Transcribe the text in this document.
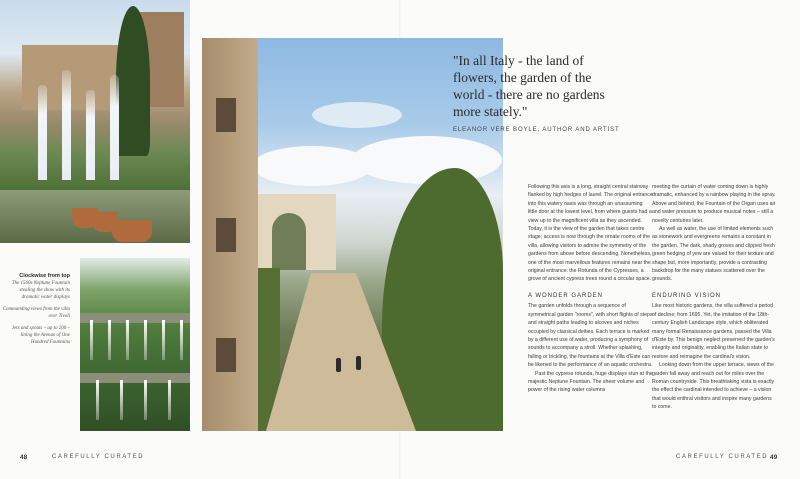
Clockwise from top
The 1560s Neptune Fountain stealing the show with its dramatic water displays
Commanding views from the villa over Tivoli
Jets and spouts – up to 200 – lining the Avenue of One Hundred Fountains
"In all Italy - the land of flowers, the garden of the world - there are no gardens more stately."
ELEANOR VERE BOYLE, AUTHOR AND ARTIST

Following this axis is a long, straight central stairway flanked by high hedges of laurel. The original entrance into this watery oasis was through an unassuming little door at the lowest level, from where guests had a view up to the magnificent villa as they ascended. Today, it is the view of the garden that takes centre stage; access is now through the ornate rooms of the villa, allowing visitors to admire the symmetry of the gardens from above before descending. Nonetheless, one of the most marvellous features remains near the original entrance: the Rotunda of the Cypresses, a grove of ancient cypress trees round a circular space.

A WONDER GARDEN

The garden unfolds through a sequence of symmetrical garden "rooms", with short flights of steps and straight paths leading to alcoves and niches occupied by classical deities. Each terrace is marked by a different use of water, producing a symphony of sounds to accompany a stroll. Whether splashing, falling or trickling, the fountains at the Villa d'Este can be likened to the performance of an aquatic orchestra.

Past the cypress rotunda, huge displays stun at the majestic Neptune Fountain. The sheer volume and power of the rising water columns

meeting the curtain of water coming down is highly dramatic, enhanced by a rainbow playing in the spray. Above and behind, the Fountain of the Organ uses air and water pressure to produce musical notes – still a novelty centuries later.

As well as water, the use of limited elements such as stonework and evergreens remains a constant in the garden. The dark, shady groves and clipped fresh green hedging of yew are valued for their texture and shape but, more importantly, provide a contrasting backdrop for the many statues scattered over the grounds.

ENDURING VISION

Like most historic gardens, the villa suffered a period of decline; from 1695. Yet, the imitation of the 18th-century English Landscape style, which obliterated many formal Renaissance gardens, passed the Villa d'Este by. This benign neglect preserved the garden's integrity and originality, enabling the Italian state to restore and reimagine the cardinal's vision.

Looking down from the upper terrace, views of the garden fall away and reach out for miles over the Roman countryside. This breathtaking vista is exactly the effect the cardinal intended to achieve – a vision that would enthral visitors and inspire many gardens to come.

48	CAREFULLY CURATED	CAREFULLY CURATED 49
